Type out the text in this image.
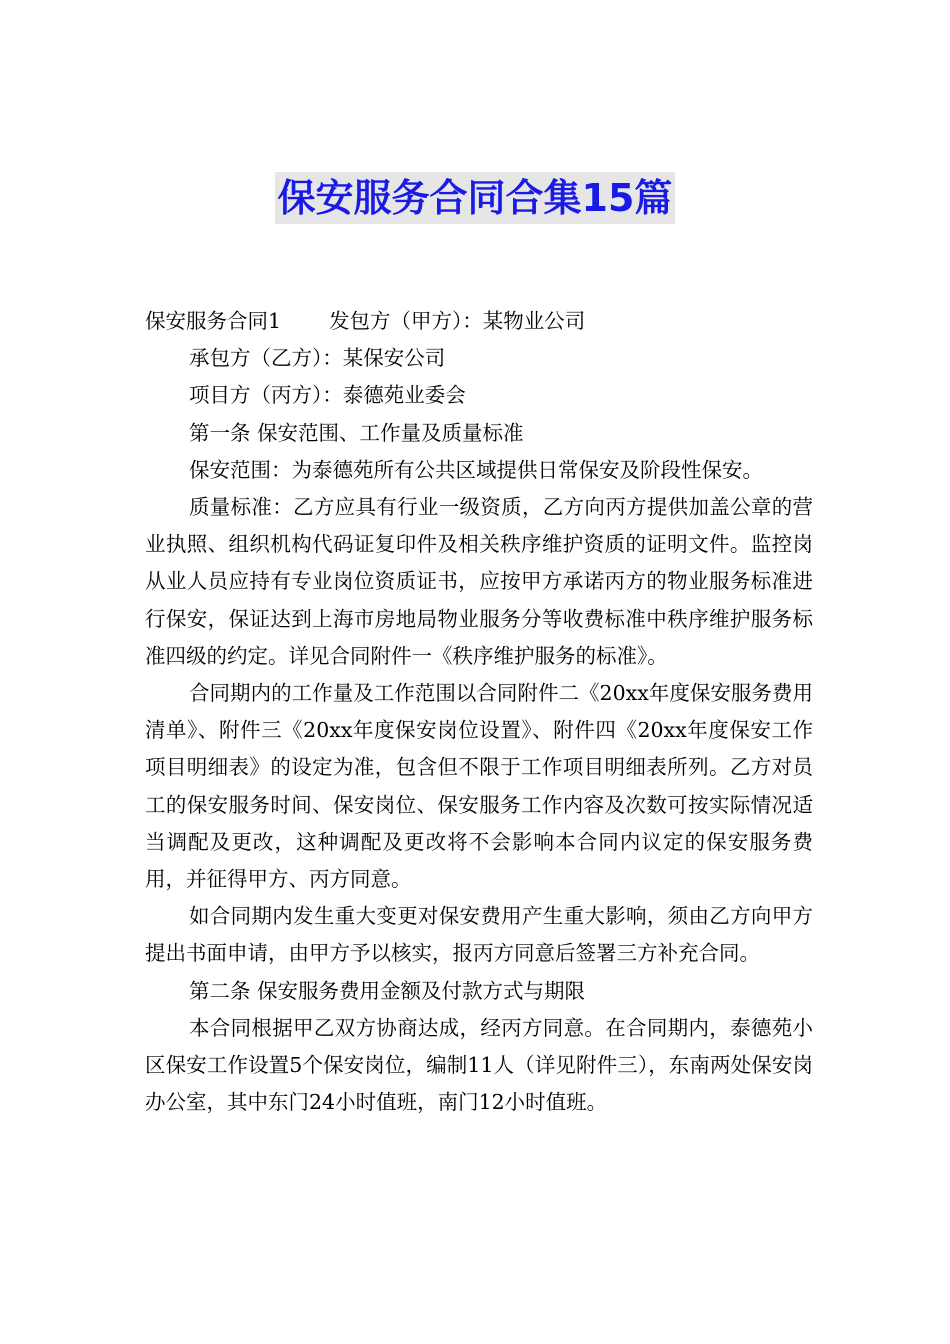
保安服务合同合集15篇

保安服务合同1 发包方（甲方）：某物业公司

承包方（乙方）：某保安公司

项目方（丙方）：泰德苑业委会

第一条 保安范围、工作量及质量标准

保安范围：为泰德苑所有公共区域提供日常保安及阶段性保安。

质量标准：乙方应具有行业一级资质，乙方向丙方提供加盖公章的营业执照、组织机构代码证复印件及相关秩序维护资质的证明文件。监控岗从业人员应持有专业岗位资质证书，应按甲方承诺丙方的物业服务标准进行保安，保证达到上海市房地局物业服务分等收费标准中秩序维护服务标准四级的约定。详见合同附件一《秩序维护服务的标准》。

合同期内的工作量及工作范围以合同附件二《20xx年度保安服务费用清单》、附件三《20xx年度保安岗位设置》、附件四《20xx年度保安工作项目明细表》的设定为准，包含但不限于工作项目明细表所列。乙方对员工的保安服务时间、保安岗位、保安服务工作内容及次数可按实际情况适当调配及更改，这种调配及更改将不会影响本合同内议定的保安服务费用，并征得甲方、丙方同意。

如合同期内发生重大变更对保安费用产生重大影响，须由乙方向甲方提出书面申请，由甲方予以核实，报丙方同意后签署三方补充合同。

第二条 保安服务费用金额及付款方式与期限

本合同根据甲乙双方协商达成，经丙方同意。在合同期内，泰德苑小区保安工作设置5个保安岗位，编制11人（详见附件三），东南两处保安岗办公室，其中东门24小时值班，南门12小时值班。
